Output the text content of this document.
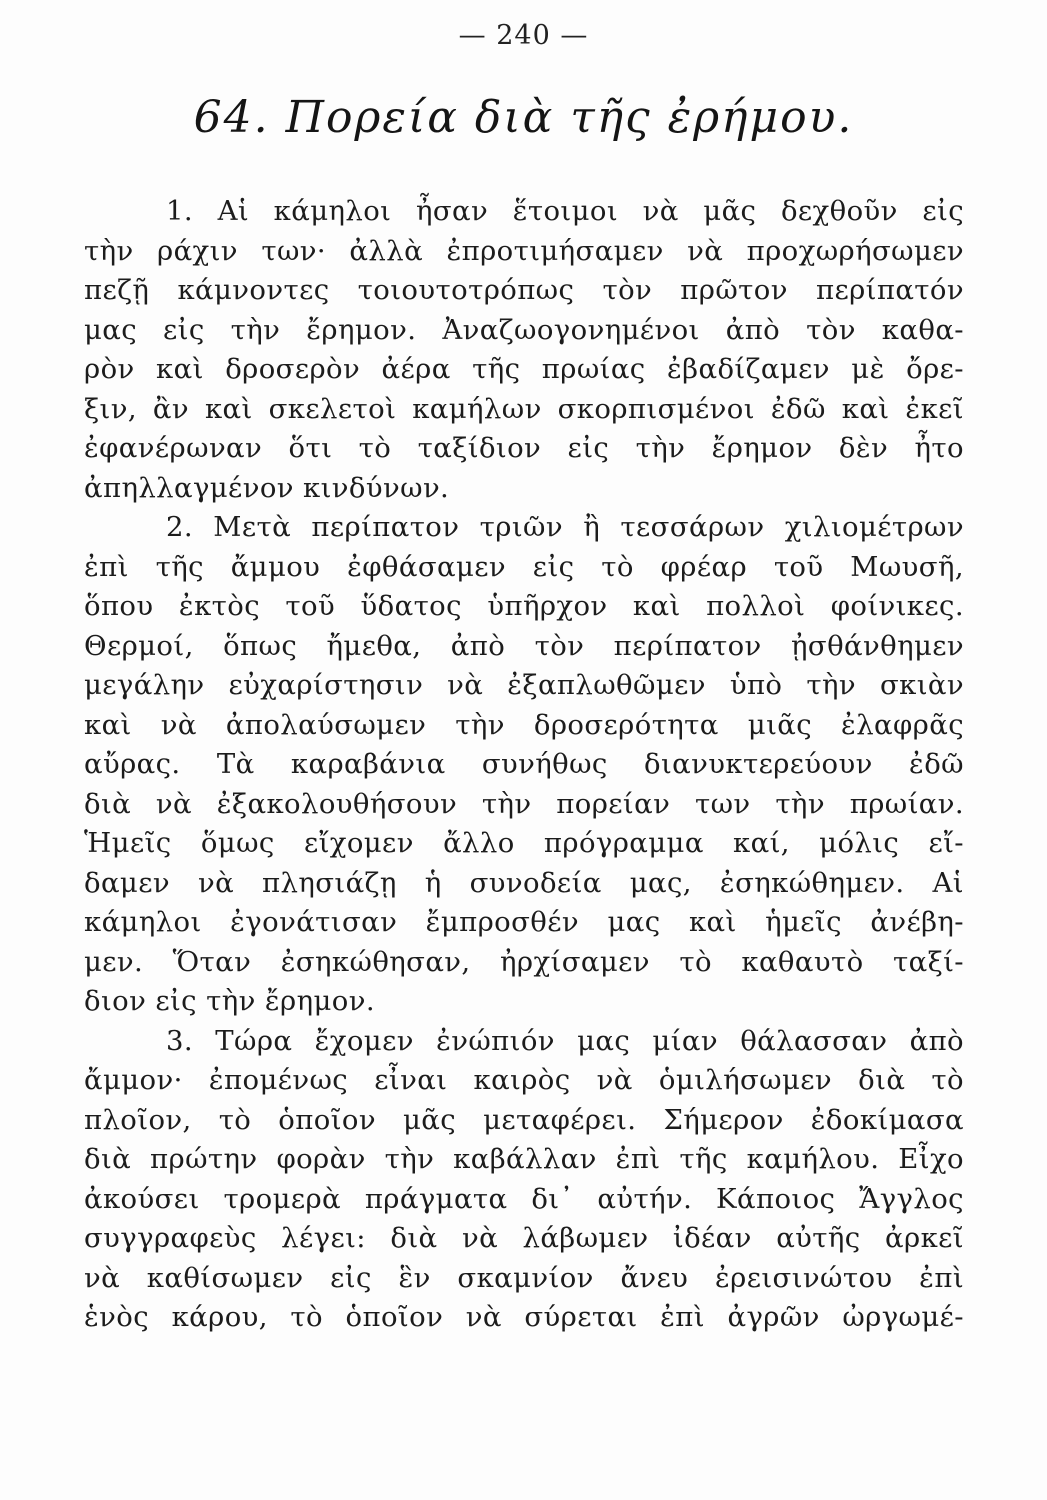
— 240 —
64. Πορεία διὰ τῆς ἐρήμου.
1. Αἱ κάμηλοι ἦσαν ἕτοιμοι νὰ μᾶς δεχθοῦν εἰς
τὴν ράχιν των· ἀλλὰ ἐπροτιμήσαμεν νὰ προχωρήσωμεν
πεζῇ κάμνοντες τοιουτοτρόπως τὸν πρῶτον περίπατόν
μας εἰς τὴν ἔρημον. Ἀναζωογονημένοι ἀπὸ τὸν καθα-
ρὸν καὶ δροσερὸν ἀέρα τῆς πρωίας ἐβαδίζαμεν μὲ ὄρε-
ξιν, ἂν καὶ σκελετοὶ καμήλων σκορπισμένοι ἐδῶ καὶ ἐκεῖ
ἐφανέρωναν ὅτι τὸ ταξίδιον εἰς τὴν ἔρημον δὲν ἦτο
ἀπηλλαγμένον κινδύνων.
2. Μετὰ περίπατον τριῶν ἢ τεσσάρων χιλιομέτρων
ἐπὶ τῆς ἄμμου ἐφθάσαμεν εἰς τὸ φρέαρ τοῦ Μωυσῆ,
ὅπου ἐκτὸς τοῦ ὕδατος ὑπῆρχον καὶ πολλοὶ φοίνικες.
Θερμοί, ὅπως ἤμεθα, ἀπὸ τὸν περίπατον ᾐσθάνθημεν
μεγάλην εὐχαρίστησιν νὰ ἐξαπλωθῶμεν ὑπὸ τὴν σκιὰν
καὶ νὰ ἀπολαύσωμεν τὴν δροσερότητα μιᾶς ἐλαφρᾶς
αὔρας. Τὰ καραβάνια συνήθως διανυκτερεύουν ἐδῶ
διὰ νὰ ἐξακολουθήσουν τὴν πορείαν των τὴν πρωίαν.
Ἡμεῖς ὅμως εἴχομεν ἄλλο πρόγραμμα καί, μόλις εἴ-
δαμεν νὰ πλησιάζῃ ἡ συνοδεία μας, ἐσηκώθημεν. Αἱ
κάμηλοι ἐγονάτισαν ἔμπροσθέν μας καὶ ἡμεῖς ἀνέβη-
μεν. Ὅταν ἐσηκώθησαν, ἠρχίσαμεν τὸ καθαυτὸ ταξί-
διον εἰς τὴν ἔρημον.
3. Τώρα ἔχομεν ἐνώπιόν μας μίαν θάλασσαν ἀπὸ
ἄμμον· ἐπομένως εἶναι καιρὸς νὰ ὁμιλήσωμεν διὰ τὸ
πλοῖον, τὸ ὁποῖον μᾶς μεταφέρει. Σήμερον ἐδοκίμασα
διὰ πρώτην φορὰν τὴν καβάλλαν ἐπὶ τῆς καμήλου. Εἶχο
ἀκούσει τρομερὰ πράγματα δι᾽ αὐτήν. Κάποιος Ἄγγλος
συγγραφεὺς λέγει: διὰ νὰ λάβωμεν ἰδέαν αὐτῆς ἀρκεῖ
νὰ καθίσωμεν εἰς ἓν σκαμνίον ἄνευ ἐρεισινώτου ἐπὶ
ἑνὸς κάρου, τὸ ὁποῖον νὰ σύρεται ἐπὶ ἀγρῶν ὠργωμέ-
